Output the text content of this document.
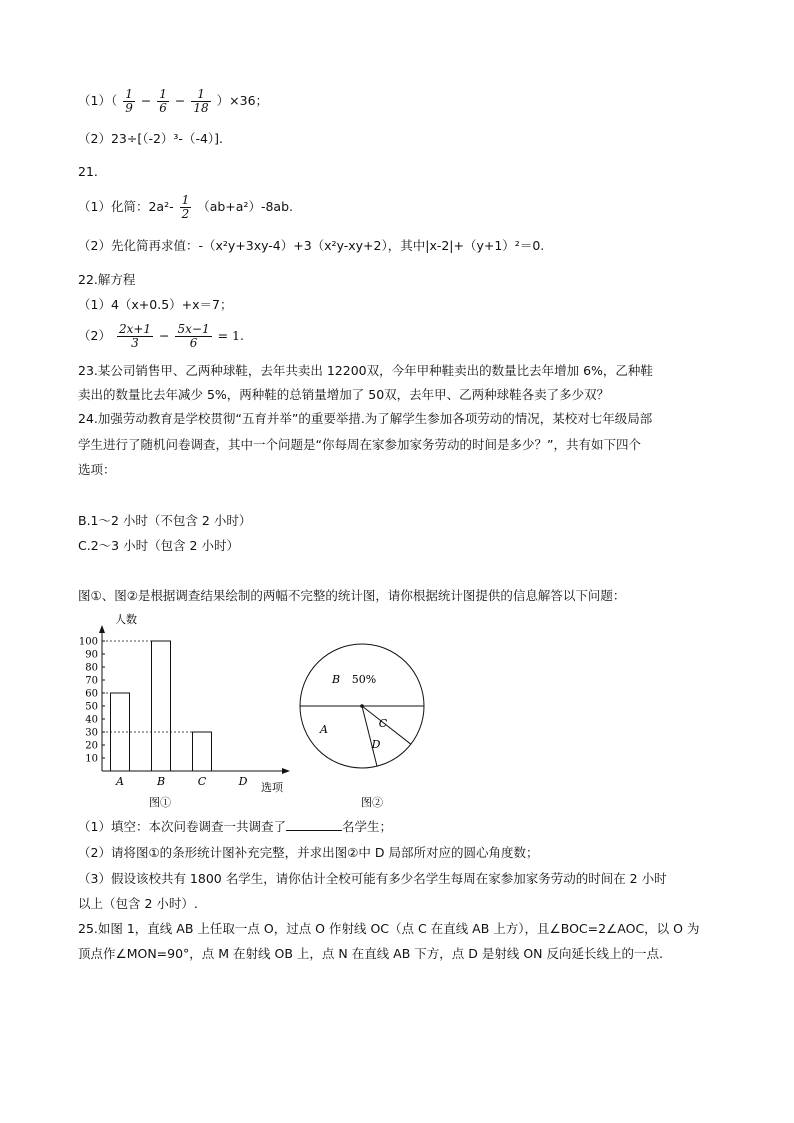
$(1)( \frac{1}{9} - \frac{1}{6} - \frac{1}{18} )\times 36$；
（2）23÷[（-2）³-（-4）].
21.
（1）化简：$2a^2- \frac{1}{2} (ab+a^2)-8ab$.
（2）先化简再求值：-（x²y+3xy-4）+3（x²y-xy+2），其中|x-2|+（y+1）²＝0.
22.解方程
（1）4（x+0.5）+x＝7；
$(2) \frac{2x+1}{3} - \frac{5x-1}{6} = 1$.
23.某公司销售甲、乙两种球鞋，去年共卖出 12200双，今年甲种鞋卖出的数量比去年增加 6%，乙种鞋
卖出的数量比去年减少 5%，两种鞋的总销量增加了 50双，去年甲、乙两种球鞋各卖了多少双？
24.加强劳动教育是学校贯彻“五育并举”的重要举措.为了解学生参加各项劳动的情况，某校对七年级局部
学生进行了随机问卷调查，其中一个问题是“你每周在家参加家务劳动的时间是多少？”，共有如下四个
选项：
B.1～2 小时（不包含 2 小时）
C.2～3 小时（包含 2 小时）
图①、图②是根据调查结果绘制的两幅不完整的统计图，请你根据统计图提供的信息解答以下问题：
10
20
30
40
50
60
70
80
90
100
A	B	C	D
人数
选项
图①
B 50%
A	C
D
图②
（1）填空：本次问卷调查一共调查了	名学生；
（2）请将图①的条形统计图补充完整，并求出图②中 D 局部所对应的圆心角度数；
（3）假设该校共有 1800 名学生，请你估计全校可能有多少名学生每周在家参加家务劳动的时间在 2 小时
以上（包含 2 小时）.
25.如图 1，直线 AB 上任取一点 O，过点 O 作射线 OC（点 C 在直线 AB 上方），且∠BOC=2∠AOC，以 O 为
顶点作∠MON=90°，点 M 在射线 OB 上，点 N 在直线 AB 下方，点 D 是射线 ON 反向延长线上的一点.
